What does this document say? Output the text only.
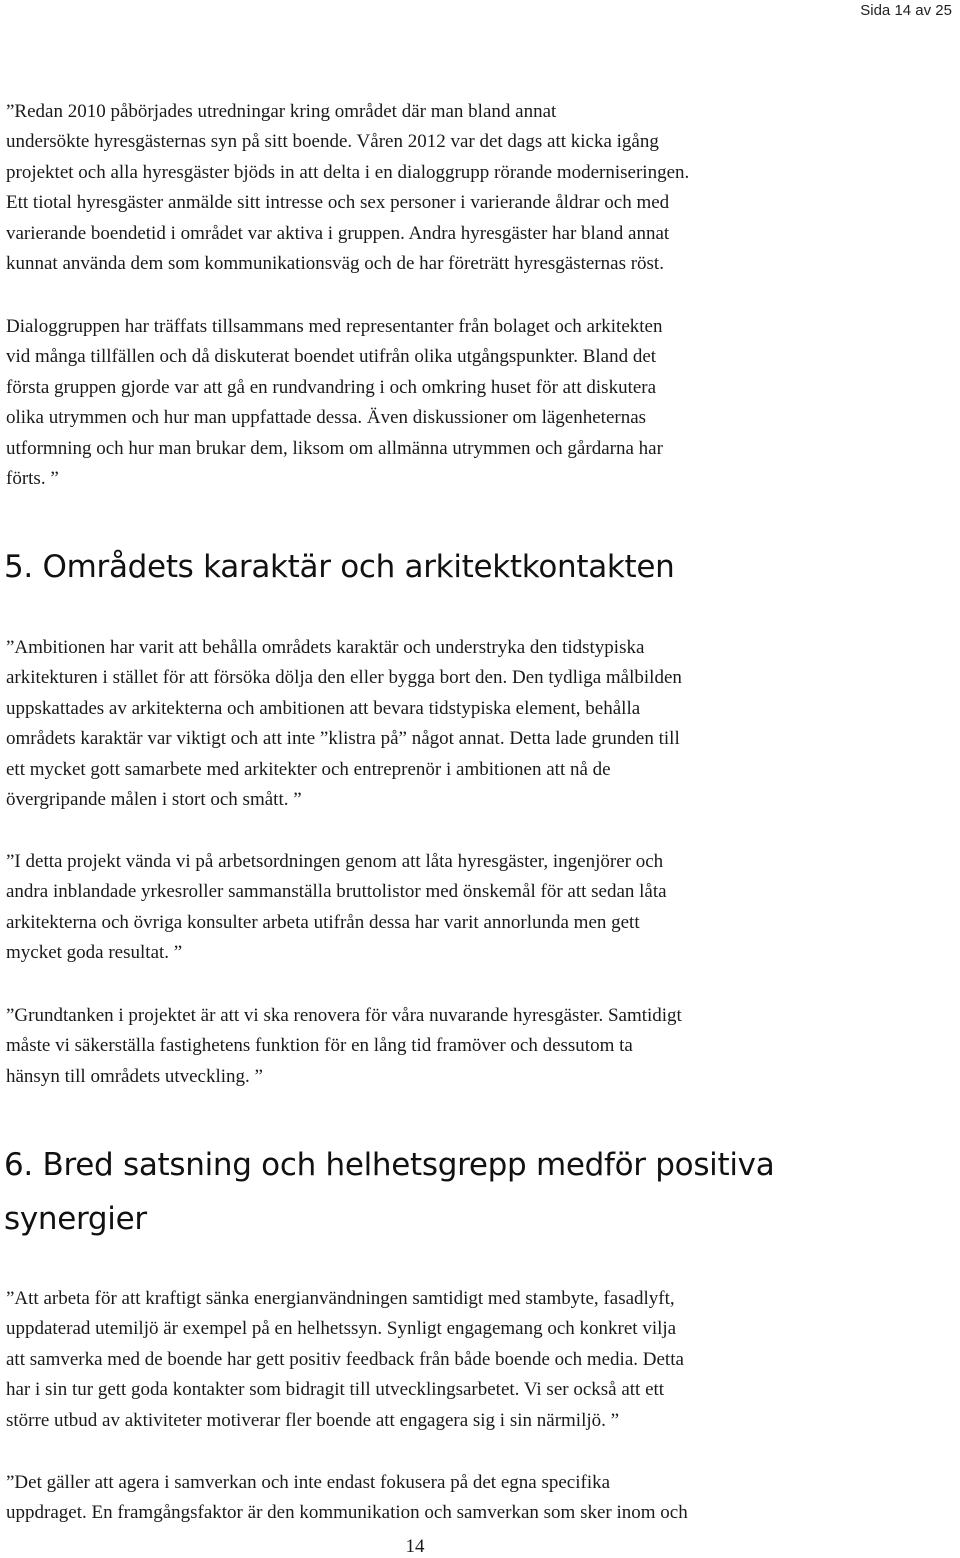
Sida 14 av 25
”Redan 2010 påbörjades utredningar kring området där man bland annat
undersökte hyresgästernas syn på sitt boende. Våren 2012 var det dags att kicka igång
projektet och alla hyresgäster bjöds in att delta i en dialoggrupp rörande moderniseringen.
Ett tiotal hyresgäster anmälde sitt intresse och sex personer i varierande åldrar och med
varierande boendetid i området var aktiva i gruppen. Andra hyresgäster har bland annat
kunnat använda dem som kommunikationsväg och de har företrätt hyresgästernas röst.
Dialoggruppen har träffats tillsammans med representanter från bolaget och arkitekten
vid många tillfällen och då diskuterat boendet utifrån olika utgångspunkter. Bland det
första gruppen gjorde var att gå en rundvandring i och omkring huset för att diskutera
olika utrymmen och hur man uppfattade dessa. Även diskussioner om lägenheternas
utformning och hur man brukar dem, liksom om allmänna utrymmen och gårdarna har
förts. ”
5. Områdets karaktär och arkitektkontakten
”Ambitionen har varit att behålla områdets karaktär och understryka den tidstypiska
arkitekturen i stället för att försöka dölja den eller bygga bort den. Den tydliga målbilden
uppskattades av arkitekterna och ambitionen att bevara tidstypiska element, behålla
områdets karaktär var viktigt och att inte ”klistra på” något annat. Detta lade grunden till
ett mycket gott samarbete med arkitekter och entreprenör i ambitionen att nå de
övergripande målen i stort och smått. ”
”I detta projekt vända vi på arbetsordningen genom att låta hyresgäster, ingenjörer och
andra inblandade yrkesroller sammanställa bruttolistor med önskemål för att sedan låta
arkitekterna och övriga konsulter arbeta utifrån dessa har varit annorlunda men gett
mycket goda resultat. ”
”Grundtanken i projektet är att vi ska renovera för våra nuvarande hyresgäster. Samtidigt
måste vi säkerställa fastighetens funktion för en lång tid framöver och dessutom ta
hänsyn till områdets utveckling. ”
6. Bred satsning och helhetsgrepp medför positiva
synergier
”Att arbeta för att kraftigt sänka energianvändningen samtidigt med stambyte, fasadlyft,
uppdaterad utemiljö är exempel på en helhetssyn. Synligt engagemang och konkret vilja
att samverka med de boende har gett positiv feedback från både boende och media. Detta
har i sin tur gett goda kontakter som bidragit till utvecklingsarbetet. Vi ser också att ett
större utbud av aktiviteter motiverar fler boende att engagera sig i sin närmiljö. ”
”Det gäller att agera i samverkan och inte endast fokusera på det egna specifika
uppdraget. En framgångsfaktor är den kommunikation och samverkan som sker inom och
14
